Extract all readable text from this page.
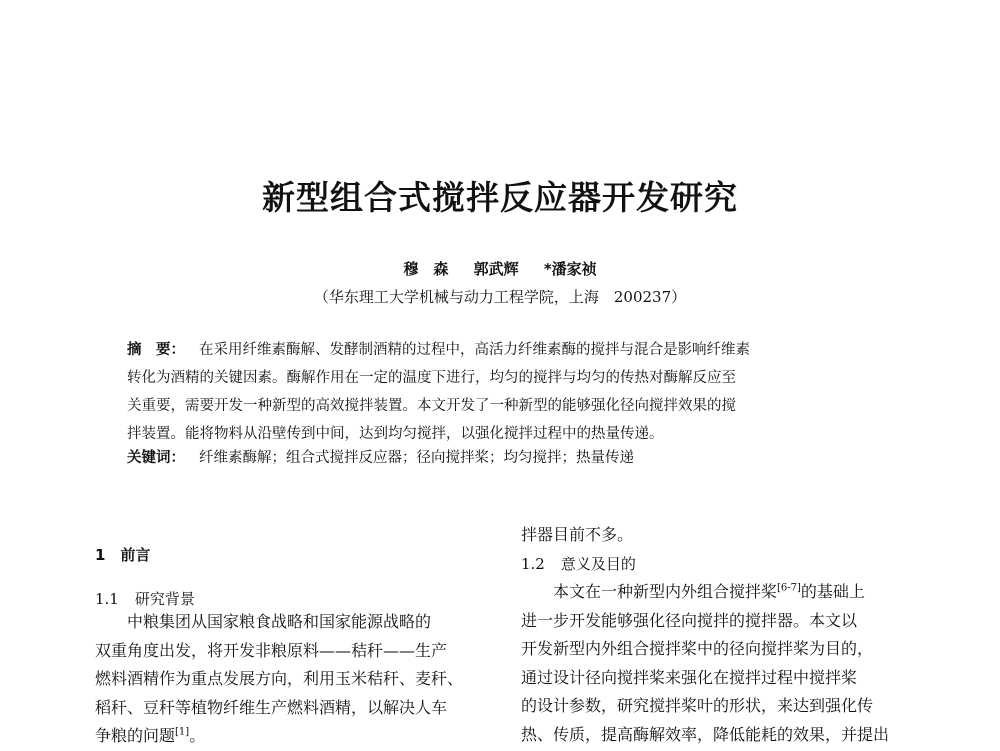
新型组合式搅拌反应器开发研究
穆　森 郭武辉 *潘家祯
（华东理工大学机械与动力工程学院，上海　200237）
摘　要： 在采用纤维素酶解、发酵制酒精的过程中，高活力纤维素酶的搅拌与混合是影响纤维素
转化为酒精的关键因素。酶解作用在一定的温度下进行，均匀的搅拌与均匀的传热对酶解反应至
关重要，需要开发一种新型的高效搅拌装置。本文开发了一种新型的能够强化径向搅拌效果的搅
拌装置。能将物料从沿壁传到中间，达到均匀搅拌，以强化搅拌过程中的热量传递。
关键词： 纤维素酶解；组合式搅拌反应器；径向搅拌桨；均匀搅拌；热量传递
1　前言
1.1 研究背景
中粮集团从国家粮食战略和国家能源战略的
双重角度出发，将开发非粮原料——秸秆——生产
燃料酒精作为重点发展方向，利用玉米秸秆、麦秆、
稻秆、豆秆等植物纤维生产燃料酒精，以解决人车
争粮的问题[1]。
拌器目前不多。
1.2 意义及目的
本文在一种新型内外组合搅拌桨[6-7]的基础上
进一步开发能够强化径向搅拌的搅拌器。本文以
开发新型内外组合搅拌桨中的径向搅拌桨为目的，
通过设计径向搅拌桨来强化在搅拌过程中搅拌桨
的设计参数，研究搅拌桨叶的形状，来达到强化传
热、传质，提高酶解效率，降低能耗的效果，并提出
